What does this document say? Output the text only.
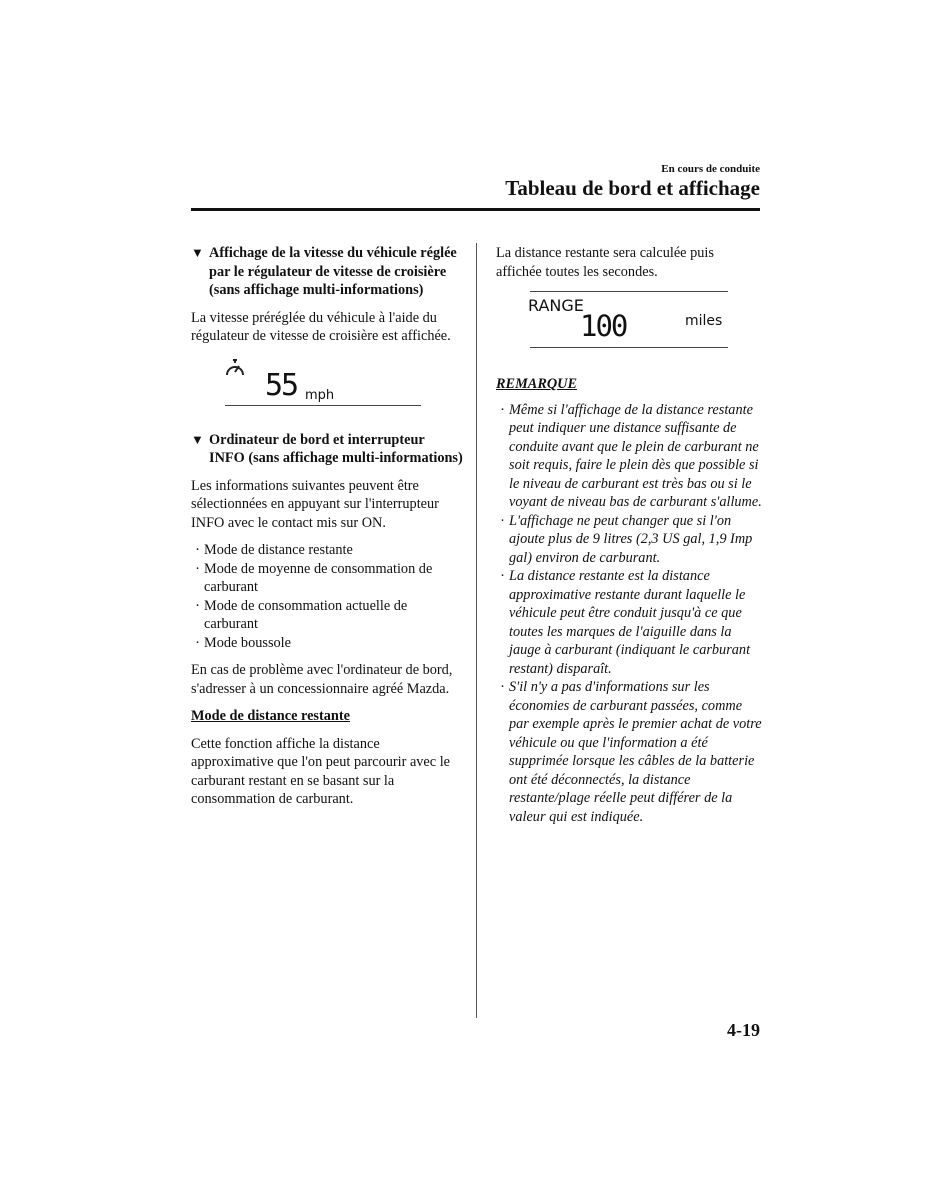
En cours de conduite
Tableau de bord et affichage
▼ Affichage de la vitesse du véhicule réglée par le régulateur de vitesse de croisière (sans affichage multi-informations)

La vitesse préréglée du véhicule à l'aide du régulateur de vitesse de croisière est affichée.

55 mph
▼ Ordinateur de bord et interrupteur INFO (sans affichage multi-informations)

Les informations suivantes peuvent être sélectionnées en appuyant sur l'interrupteur INFO avec le contact mis sur ON.

· Mode de distance restante
· Mode de moyenne de consommation de carburant
· Mode de consommation actuelle de carburant
· Mode boussole

En cas de problème avec l'ordinateur de bord, s'adresser à un concessionnaire agréé Mazda.

Mode de distance restante

Cette fonction affiche la distance approximative que l'on peut parcourir avec le carburant restant en se basant sur la consommation de carburant.

La distance restante sera calculée puis affichée toutes les secondes.

RANGE
100	miles

REMARQUE

· Même si l'affichage de la distance restante peut indiquer une distance suffisante de conduite avant que le plein de carburant ne soit requis, faire le plein dès que possible si le niveau de carburant est très bas ou si le voyant de niveau bas de carburant s'allume.
· L'affichage ne peut changer que si l'on ajoute plus de 9 litres (2,3 US gal, 1,9 Imp gal) environ de carburant.
· La distance restante est la distance approximative restante durant laquelle le véhicule peut être conduit jusqu'à ce que toutes les marques de l'aiguille dans la jauge à carburant (indiquant le carburant restant) disparaît.
· S'il n'y a pas d'informations sur les économies de carburant passées, comme par exemple après le premier achat de votre véhicule ou que l'information a été supprimée lorsque les câbles de la batterie ont été déconnectés, la distance restante/plage réelle peut différer de la valeur qui est indiquée.
4-19
